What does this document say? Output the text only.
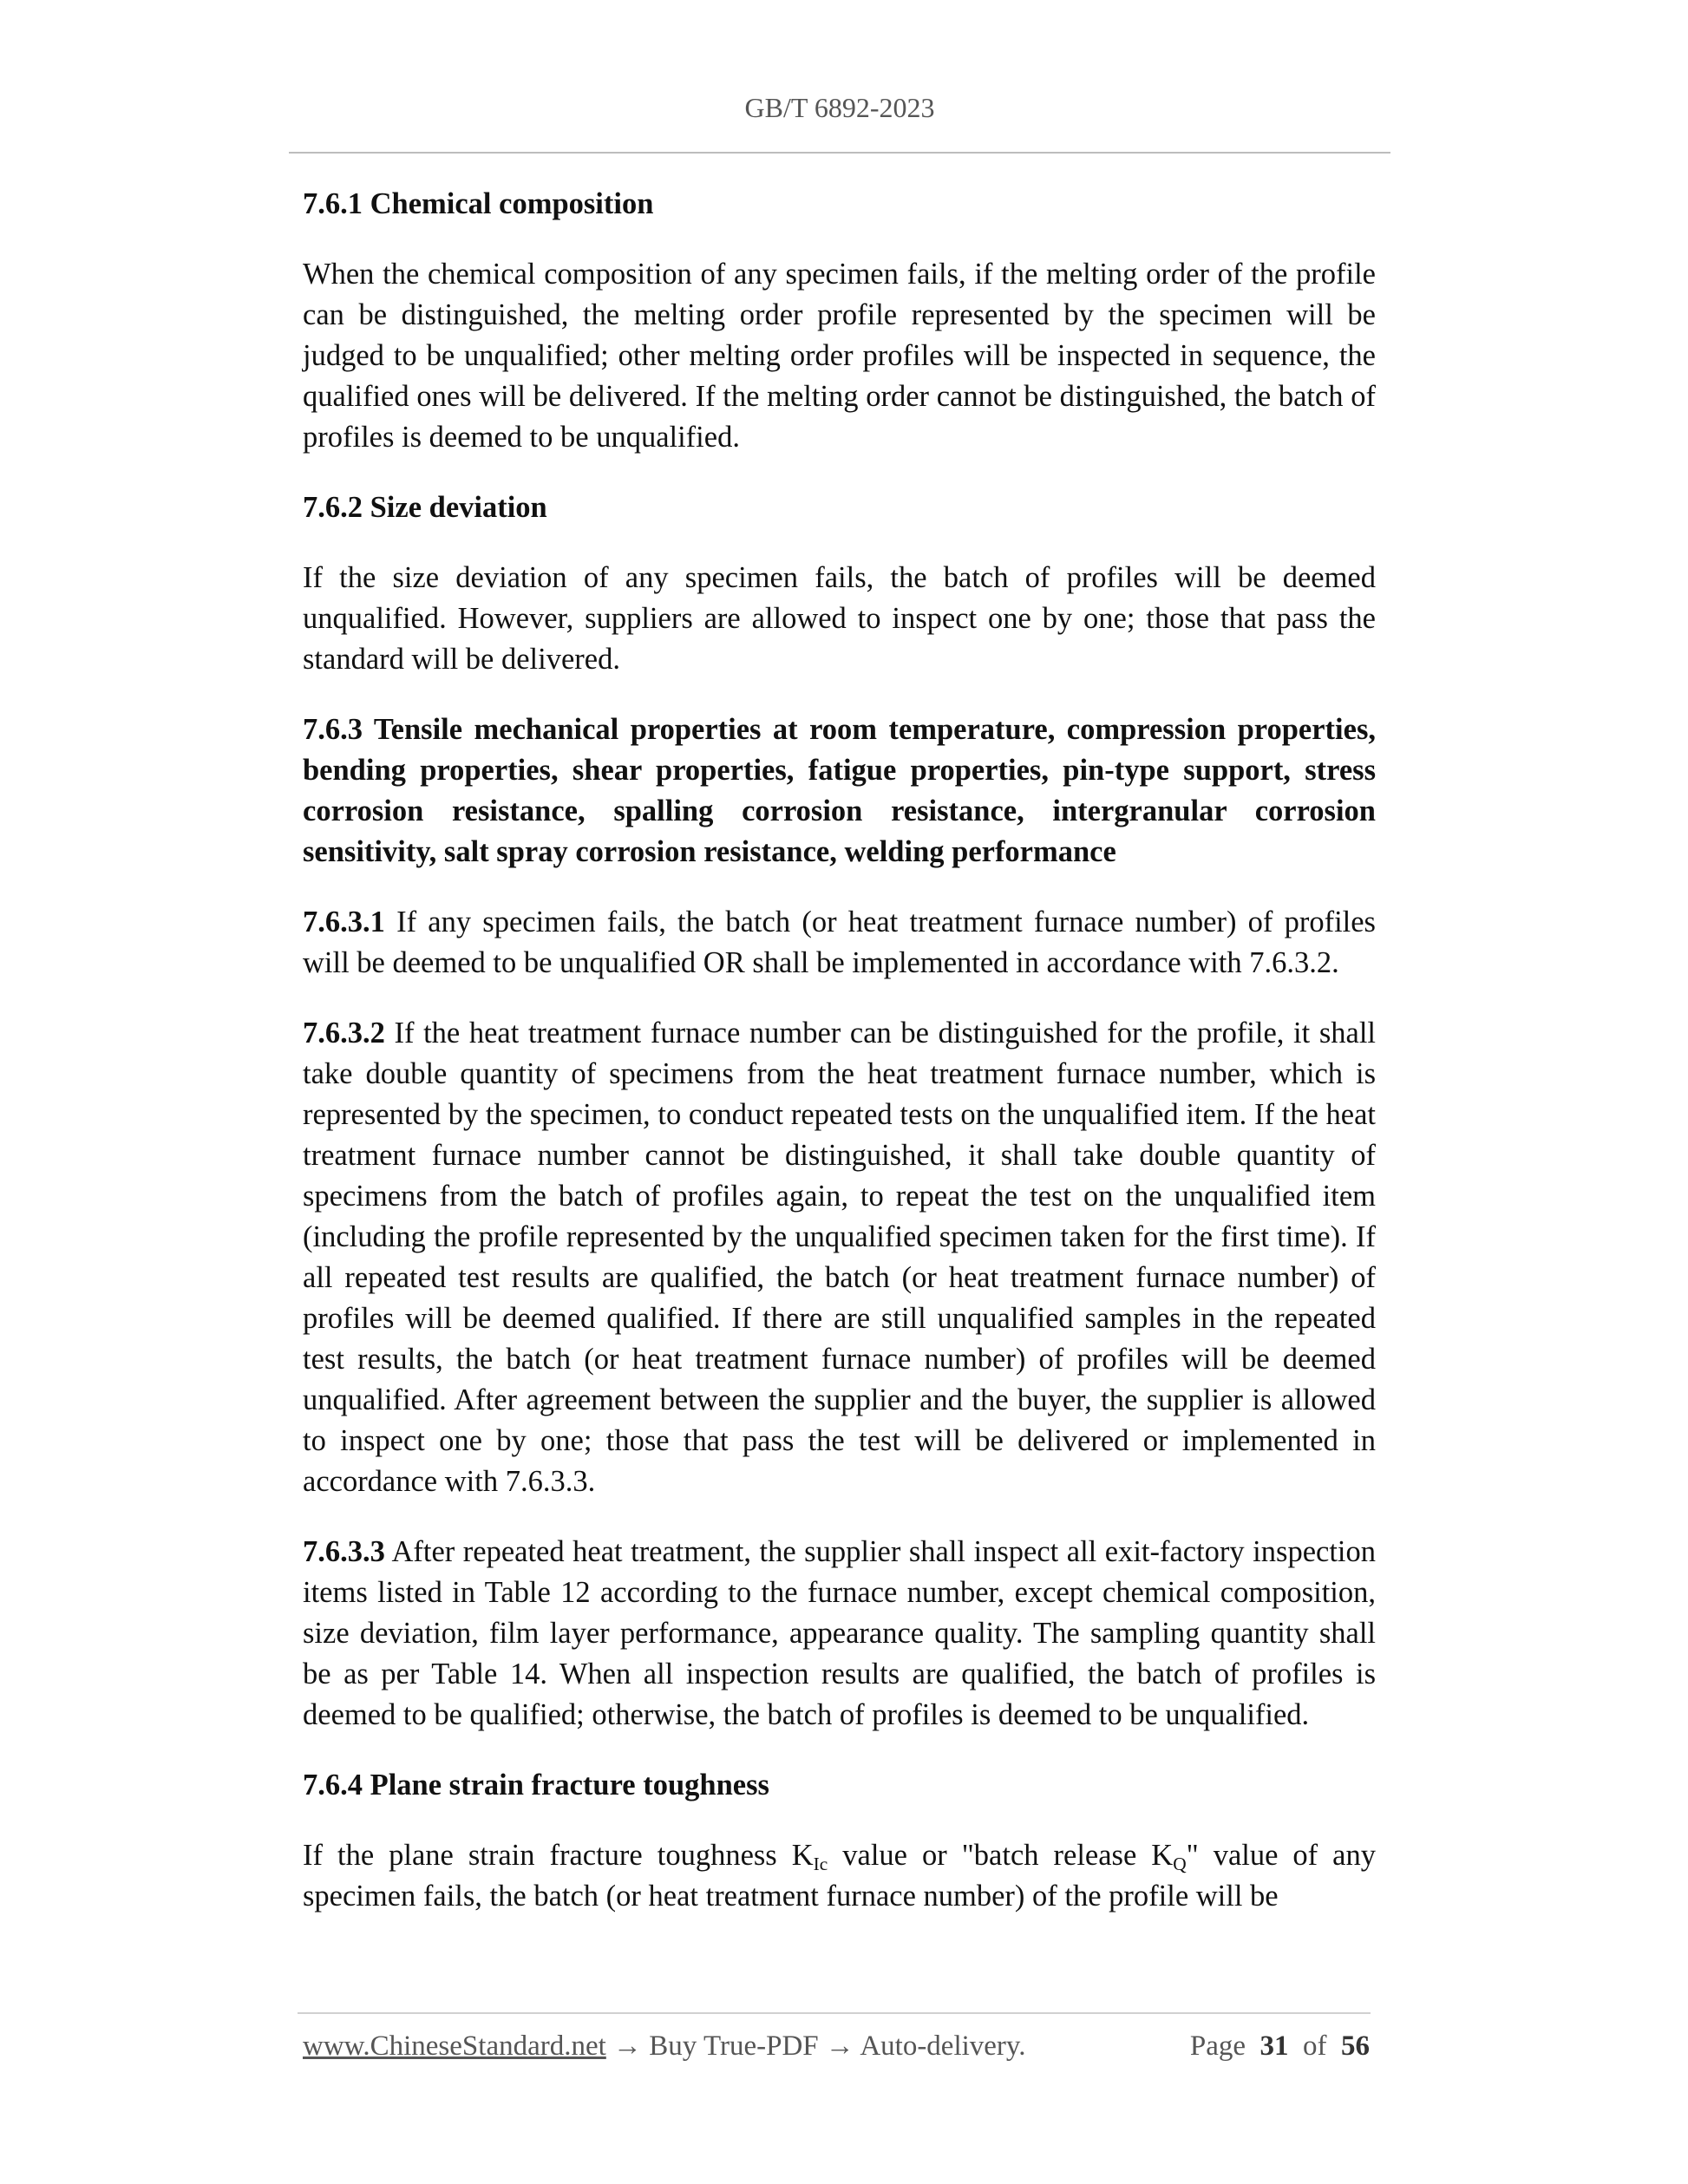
GB/T 6892-2023
7.6.1 Chemical composition
When the chemical composition of any specimen fails, if the melting order of the profile can be distinguished, the melting order profile represented by the specimen will be judged to be unqualified; other melting order profiles will be inspected in sequence, the qualified ones will be delivered. If the melting order cannot be distinguished, the batch of profiles is deemed to be unqualified.
7.6.2 Size deviation
If the size deviation of any specimen fails, the batch of profiles will be deemed unqualified. However, suppliers are allowed to inspect one by one; those that pass the standard will be delivered.
7.6.3 Tensile mechanical properties at room temperature, compression properties, bending properties, shear properties, fatigue properties, pin-type support, stress corrosion resistance, spalling corrosion resistance, intergranular corrosion sensitivity, salt spray corrosion resistance, welding performance
7.6.3.1 If any specimen fails, the batch (or heat treatment furnace number) of profiles will be deemed to be unqualified OR shall be implemented in accordance with 7.6.3.2.
7.6.3.2 If the heat treatment furnace number can be distinguished for the profile, it shall take double quantity of specimens from the heat treatment furnace number, which is represented by the specimen, to conduct repeated tests on the unqualified item. If the heat treatment furnace number cannot be distinguished, it shall take double quantity of specimens from the batch of profiles again, to repeat the test on the unqualified item (including the profile represented by the unqualified specimen taken for the first time). If all repeated test results are qualified, the batch (or heat treatment furnace number) of profiles will be deemed qualified. If there are still unqualified samples in the repeated test results, the batch (or heat treatment furnace number) of profiles will be deemed unqualified. After agreement between the supplier and the buyer, the supplier is allowed to inspect one by one; those that pass the test will be delivered or implemented in accordance with 7.6.3.3.
7.6.3.3 After repeated heat treatment, the supplier shall inspect all exit-factory inspection items listed in Table 12 according to the furnace number, except chemical composition, size deviation, film layer performance, appearance quality. The sampling quantity shall be as per Table 14. When all inspection results are qualified, the batch of profiles is deemed to be qualified; otherwise, the batch of profiles is deemed to be unqualified.
7.6.4 Plane strain fracture toughness
If the plane strain fracture toughness $K_{Ic}$ value or "batch release $K_Q$" value of any specimen fails, the batch (or heat treatment furnace number) of the profile will be
www.ChineseStandard.net → Buy True-PDF → Auto-delivery.	Page 31 of 56
